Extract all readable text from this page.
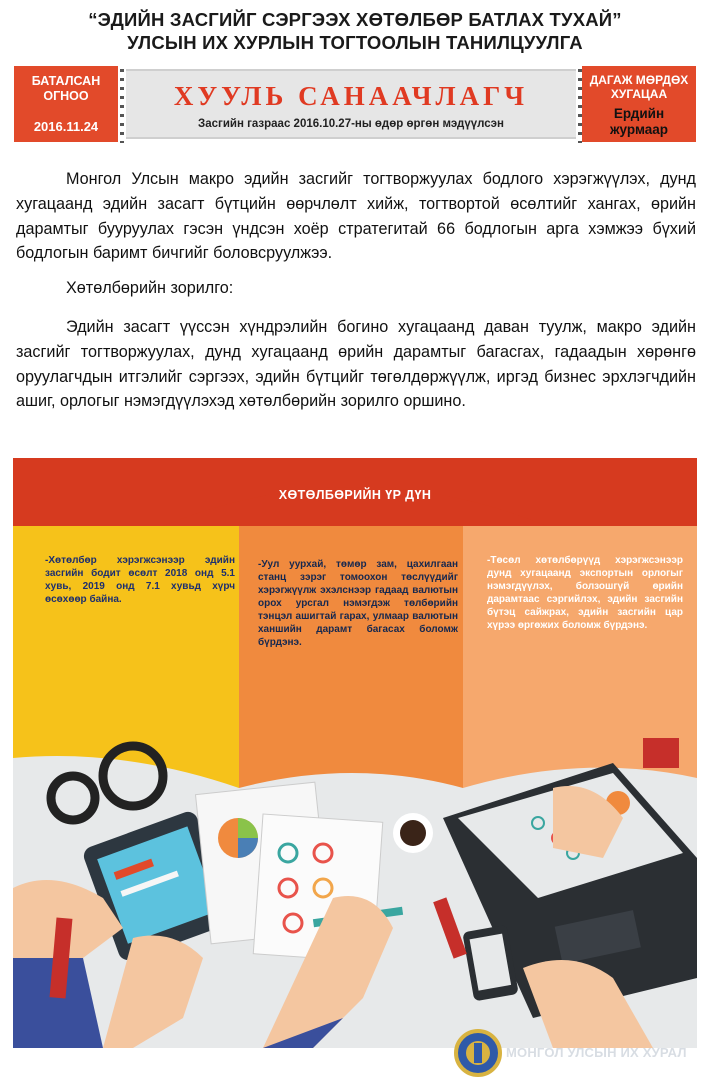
“ЭДИЙН ЗАСГИЙГ СЭРГЭЭХ ХӨТӨЛБӨР БАТЛАХ ТУХАЙ”
УЛСЫН ИХ ХУРЛЫН ТОГТООЛЫН ТАНИЛЦУУЛГА
БАТАЛСАН
ОГНОО
2016.11.24
ХУУЛЬ САНААЧЛАГЧ
Засгийн газраас 2016.10.27-ны өдөр өргөн мэдүүлсэн
ДАГАЖ МӨРДӨХ
ХУГАЦАА
Ердийн
журмаар

Монгол Улсын макро эдийн засгийг тогтворжуулах бодлого хэрэгжүүлэх, дунд хугацаанд эдийн засагт бүтцийн өөрчлөлт хийж, тогтвортой өсөлтийг хангах, өрийн дарамтыг бууруулах гэсэн үндсэн хоёр стратегитай 66 бодлогын арга хэмжээ бүхий бодлогын баримт бичгийг боловсруулжээ.

Хөтөлбөрийн зорилго:

Эдийн засагт үүссэн хүндрэлийн богино хугацаанд даван туулж, макро эдийн засгийг тогтворжуулах, дунд хугацаанд өрийн дарамтыг багасгах, гадаадын хөрөнгө оруулагчдын итгэлийг сэргээх, эдийн бүтцийг төгөлдөржүүлж, иргэд бизнес эрхлэгчдийн ашиг, орлогыг нэмэгдүүлэхэд хөтөлбөрийн зорилго оршино.

ХӨТӨЛБӨРИЙН ҮР ДҮН
-Хөтөлбөр хэрэгжсэнээр эдийн засгийн бодит өсөлт 2018 онд 5.1 хувь, 2019 онд 7.1 хувьд хүрч өсөхөөр байна.
-Уул уурхай, төмөр зам, цахилгаан станц зэрэг томоохон төслүүдийг хэрэгжүүлж эхэлснээр гадаад валютын орох урсгал нэмэгдэж төлбөрийн тэнцэл ашигтай гарах, улмаар валютын ханшийн дарамт багасах боломж бүрдэнэ.
-Төсөл хөтөлбөрүүд хэрэгжсэнээр дунд хугацаанд экспортын орлогыг нэмэгдүүлэх, болзошгүй өрийн дарамтаас сэргийлэх, эдийн засгийн бүтэц сайжрах, эдийн засгийн цар хүрээ өргөжих боломж бүрдэнэ.
МОНГОЛ УЛСЫН ИХ ХУРАЛ
